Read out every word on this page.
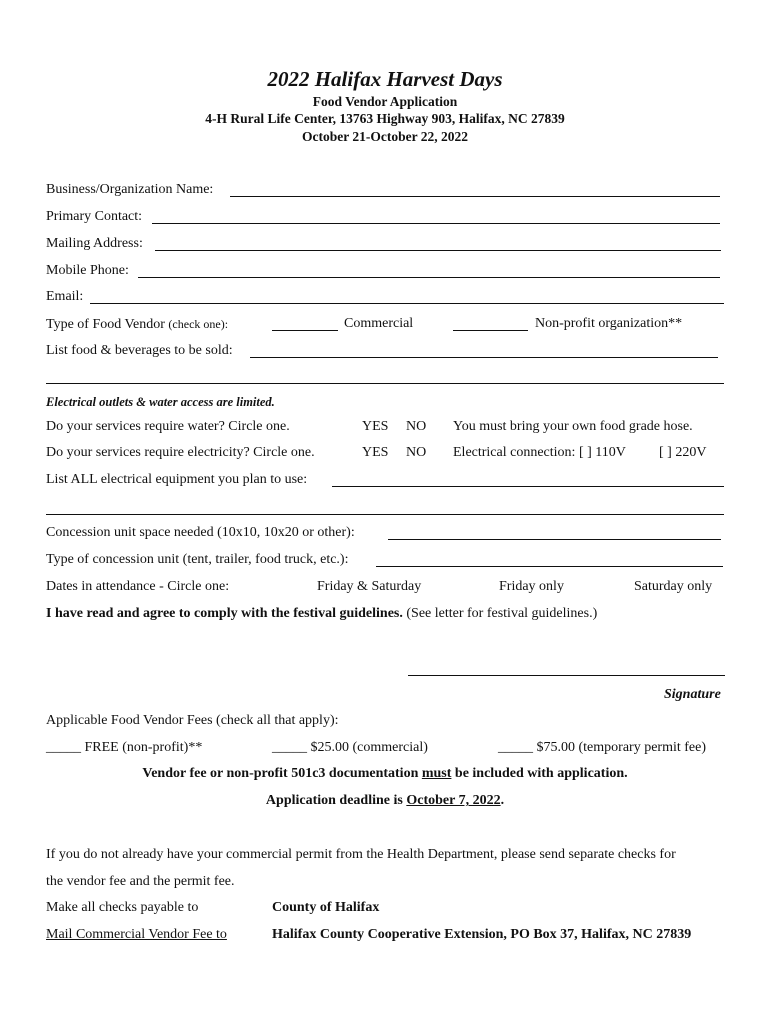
2022 Halifax Harvest Days
Food Vendor Application
4-H Rural Life Center, 13763 Highway 903, Halifax, NC 27839
October 21-October 22, 2022
Business/Organization Name:
Primary Contact:
Mailing Address:
Mobile Phone:
Email:
Type of Food Vendor (check one):	Commercial	Non-profit organization**
List food & beverages to be sold:
Electrical outlets & water access are limited.
Do your services require water? Circle one.	YES NO You must bring your own food grade hose.
Do your services require electricity? Circle one.	YES NO Electrical connection: [ ] 110V [ ] 220V
List ALL electrical equipment you plan to use:
Concession unit space needed (10x10, 10x20 or other):
Type of concession unit (tent, trailer, food truck, etc.):
Dates in attendance - Circle one:	Friday & Saturday	Friday only	Saturday only
I have read and agree to comply with the festival guidelines. (See letter for festival guidelines.)
Signature
Applicable Food Vendor Fees (check all that apply):
_____ FREE (non-profit)**	_____ $25.00 (commercial)	_____ $75.00 (temporary permit fee)
Vendor fee or non-profit 501c3 documentation must be included with application.
Application deadline is October 7, 2022.
If you do not already have your commercial permit from the Health Department, please send separate checks for
the vendor fee and the permit fee.
Make all checks payable to	County of Halifax
Mail Commercial Vendor Fee to	Halifax County Cooperative Extension, PO Box 37, Halifax, NC 27839
